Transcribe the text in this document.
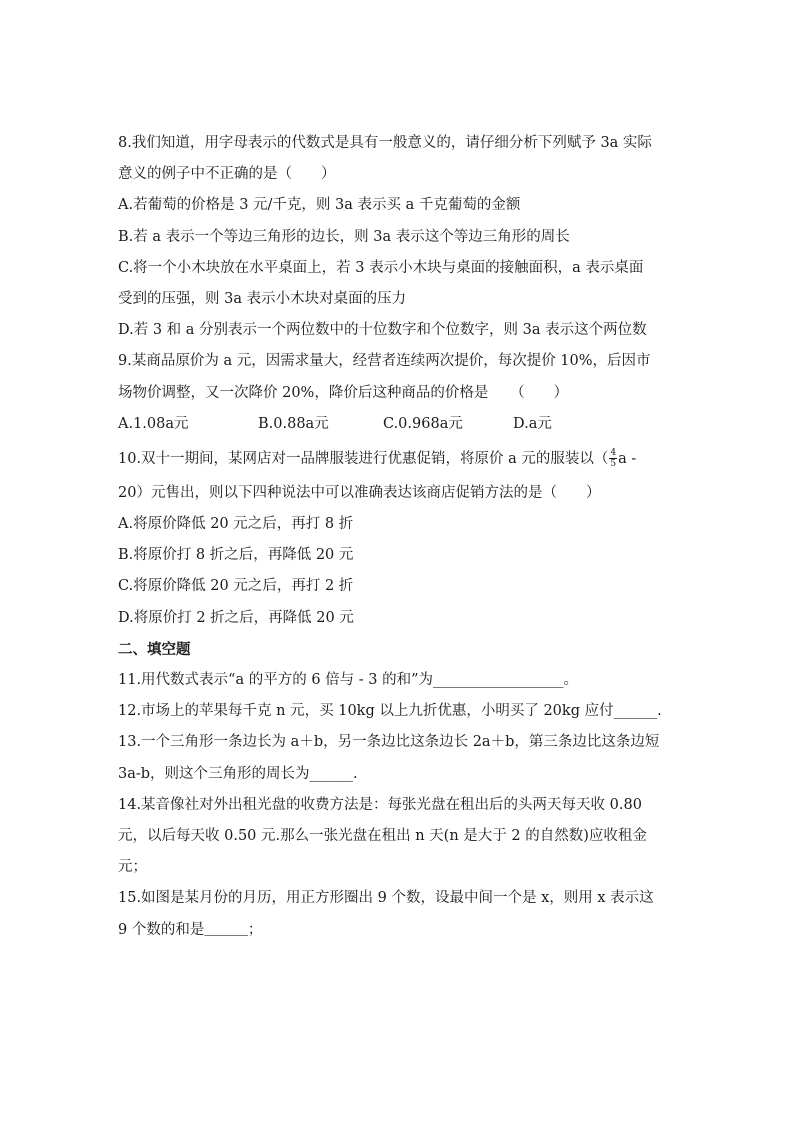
8.我们知道，用字母表示的代数式是具有一般意义的，请仔细分析下列赋予 3a 实际
意义的例子中不正确的是（　　）
A.若葡萄的价格是 3 元/千克，则 3a 表示买 a 千克葡萄的金额
B.若 a 表示一个等边三角形的边长，则 3a 表示这个等边三角形的周长
C.将一个小木块放在水平桌面上，若 3 表示小木块与桌面的接触面积，a 表示桌面
受到的压强，则 3a 表示小木块对桌面的压力
D.若 3 和 a 分别表示一个两位数中的十位数字和个位数字，则 3a 表示这个两位数
9.某商品原价为 a 元，因需求量大，经营者连续两次提价，每次提价 10%，后因市
场物价调整，又一次降价 20%，降价后这种商品的价格是　　（　　）
A.1.08a元	B.0.88a元	C.0.968a元	D.a元
10.双十一期间，某网店对一品牌服装进行优惠促销，将原价 a 元的服装以（ $\frac{4}{5}$ a -
20）元售出，则以下四种说法中可以准确表达该商店促销方法的是（　　）
A.将原价降低 20 元之后，再打 8 折
B.将原价打 8 折之后，再降低 20 元
C.将原价降低 20 元之后，再打 2 折
D.将原价打 2 折之后，再降低 20 元
二、填空题
11.用代数式表示“a 的平方的 6 倍与 - 3 的和”为__________________。
12.市场上的苹果每千克 n 元，买 10kg 以上九折优惠，小明买了 20kg 应付______.
13.一个三角形一条边长为 a＋b，另一条边比这条边长 2a＋b，第三条边比这条边短
3a-b，则这个三角形的周长为______.
14.某音像社对外出租光盘的收费方法是：每张光盘在租出后的头两天每天收 0.80
元，以后每天收 0.50 元.那么一张光盘在租出 n 天(n 是大于 2 的自然数)应收租金
元；
15.如图是某月份的月历，用正方形圈出 9 个数，设最中间一个是 x，则用 x 表示这
9 个数的和是＿＿＿；
